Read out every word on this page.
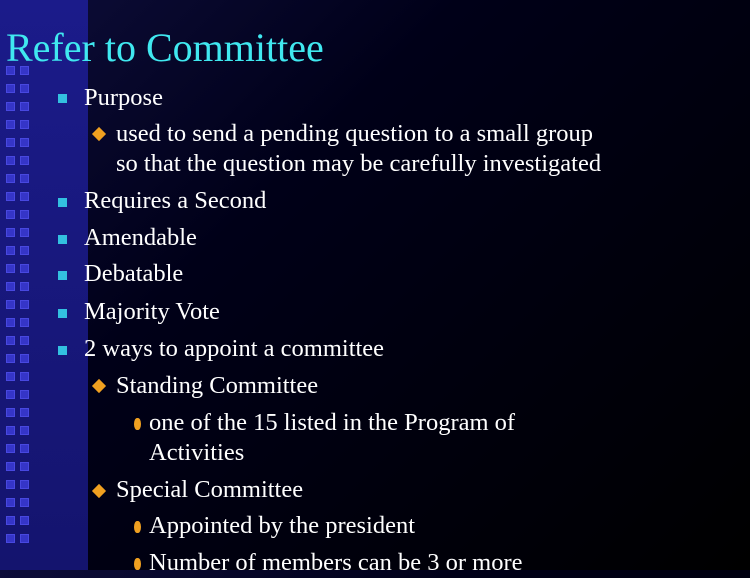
Refer to Committee
Purpose
used to send a pending question to a small group
so that the question may be carefully investigated
Requires a Second
Amendable
Debatable
Majority Vote
2 ways to appoint a committee
Standing Committee
one of the 15 listed in the Program of
Activities
Special Committee
Appointed by the president
Number of members can be 3 or more
